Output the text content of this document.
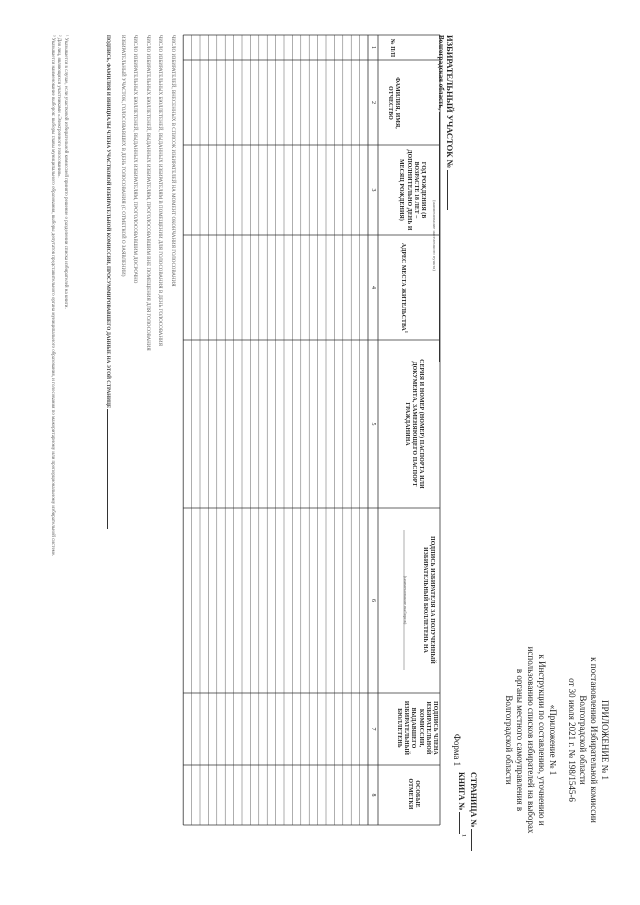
ПРИЛОЖЕНИЕ № 1
к постановлению Избирательной комиссии
Волгоградской области
от 30 июля 2021 г. № 198/1545-6
«Приложение № 1
к Инструкции по составлению, уточнению и
использованию списков избирателей на выборах
в органы местного самоуправления в
Волгоградской области
Форма 1
СТРАНИЦА №
КНИГА № $^1$
ИЗБИРАТЕЛЬНЫЙ УЧАСТОК №
Волгоградская область,
(наименование населенного пункта)
№ П/П
ФАМИЛИЯ, ИМЯ, ОТЧЕСТВО
ГОД РОЖДЕНИЯ (В ВОЗРАСТЕ 18 ЛЕТ – ДОПОЛНИТЕЛЬНО ДЕНЬ И МЕСЯЦ РОЖДЕНИЯ)
АДРЕС МЕСТА ЖИТЕЛЬСТВА$^1$
СЕРИЯ И НОМЕР (НОМЕР) ПАСПОРТА ИЛИ ДОКУМЕНТА, ЗАМЕНЯЮЩЕГО ПАСПОРТ ГРАЖДАНИНА
ПОДПИСЬ ИЗБИРАТЕЛЯ ЗА ПОЛУЧЕННЫЙ ИЗБИРАТЕЛЬНЫЙ БЮЛЛЕТЕНЬ НА
(наименование выборов)
ПОДПИСЬ ЧЛЕНА ИЗБИРАТЕЛЬНОЙ КОМИССИИ, ВЫДАВШЕГО ИЗБИРАТЕЛЬНЫЙ БЮЛЛЕТЕНЬ
ОСОБЫЕ ОТМЕТКИ
1
2
3
4
5
6
7
8
ЧИСЛО ИЗБИРАТЕЛЕЙ, ВНЕСЕННЫХ В СПИСОК ИЗБИРАТЕЛЕЙ НА МОМЕНТ ОКОНЧАНИЯ ГОЛОСОВАНИЯ
ЧИСЛО ИЗБИРАТЕЛЬНЫХ БЮЛЛЕТЕНЕЙ, ВЫДАННЫХ ИЗБИРАТЕЛЯМ В ПОМЕЩЕНИИ ДЛЯ ГОЛОСОВАНИЯ В ДЕНЬ ГОЛОСОВАНИЯ
ЧИСЛО ИЗБИРАТЕЛЬНЫХ БЮЛЛЕТЕНЕЙ, ВЫДАННЫХ ИЗБИРАТЕЛЯМ, ПРОГОЛОСОВАВШИМ ВНЕ ПОМЕЩЕНИЯ ДЛЯ ГОЛОСОВАНИЯ
ЧИСЛО ИЗБИРАТЕЛЬНЫХ БЮЛЛЕТЕНЕЙ, ВЫДАННЫХ ИЗБИРАТЕЛЯМ, ПРОГОЛОСОВАВШИМ ДОСРОЧНО
ИЗБИРАТЕЛЬНЫЙ УЧАСТОК, ГОЛОСОВАВШИХ В ДЕНЬ ГОЛОСОВАНИЯ (С ОТМЕТКОЙ О ЗАЯВЛЕНИИ)
ПОДПИСЬ, ФАМИЛИЯ И ИНИЦИАЛЫ ЧЛЕНА УЧАСТКОВОЙ ИЗБИРАТЕЛЬНОЙ КОМИССИИ, ПРОСУММИРОВАВШЕГО ДАННЫЕ НА ЭТОЙ СТРАНИЦЕ
¹ Указывается в случае, если участковой избирательной комиссией принято решение о разделении списка избирателей на книги.
² Для лиц, являющихся участниками «Электронного голосования».
³ Указывается наименование выборов: выборы главы муниципального образования, выборы депутатов представительного органа муниципального образования, и голосования по мажоритарному или пропорциональному избирательной системе.
